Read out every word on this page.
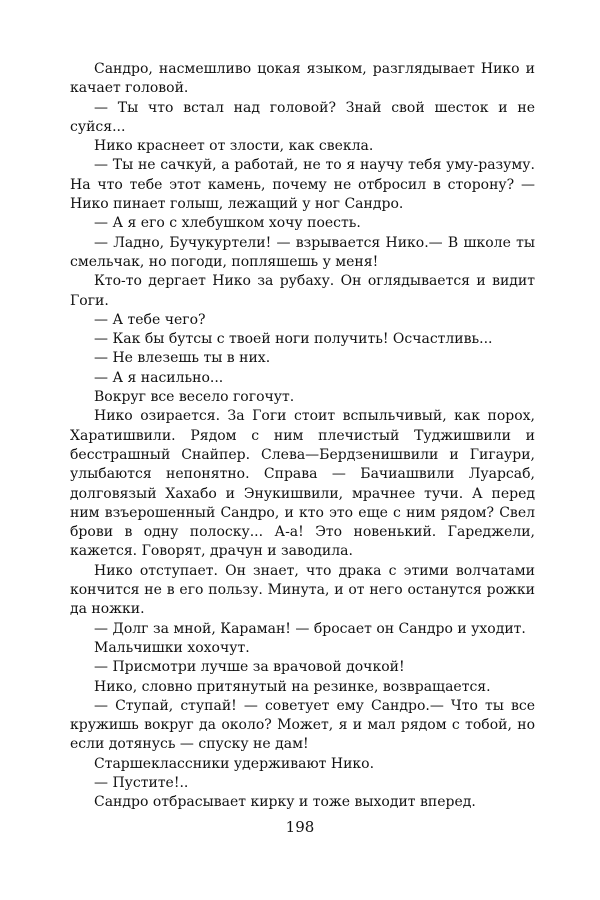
Сандро, насмешливо цокая языком, разглядывает Нико и качает головой.

— Ты что встал над головой? Знай свой шесток и не суйся...

Нико краснеет от злости, как свекла.

— Ты не сачкуй, а работай, не то я научу тебя уму-разуму. На что тебе этот камень, почему не отбросил в сторону? — Нико пинает голыш, лежащий у ног Сандро.

— А я его с хлебушком хочу поесть.

— Ладно, Бучукуртели! — взрывается Нико.— В школе ты смельчак, но погоди, попляшешь у меня!

Кто-то дергает Нико за рубаху. Он оглядывается и видит Гоги.

— А тебе чего?

— Как бы бутсы с твоей ноги получить! Осчастливь...

— Не влезешь ты в них.

— А я насильно...

Вокруг все весело гогочут.

Нико озирается. За Гоги стоит вспыльчивый, как порох, Харатишвили. Рядом с ним плечистый Туджишвили и бесстрашный Снайпер. Слева—Бердзенишвили и Гигаури, улыбаются непонятно. Справа — Бачиашвили Луарсаб, долговязый Хахабо и Энукишвили, мрачнее тучи. А перед ним взъерошенный Сандро, и кто это еще с ним рядом? Свел брови в одну полоску... А-а! Это новенький. Гареджели, кажется. Говорят, драчун и заводила.

Нико отступает. Он знает, что драка с этими волчатами кончится не в его пользу. Минута, и от него останутся рожки да ножки.

— Долг за мной, Караман! — бросает он Сандро и уходит.

Мальчишки хохочут.

— Присмотри лучше за врачовой дочкой!

Нико, словно притянутый на резинке, возвращается.

— Ступай, ступай! — советует ему Сандро.— Что ты все кружишь вокруг да около? Может, я и мал рядом с тобой, но если дотянусь — спуску не дам!

Старшеклассники удерживают Нико.

— Пустите!..

Сандро отбрасывает кирку и тоже выходит вперед.

198
